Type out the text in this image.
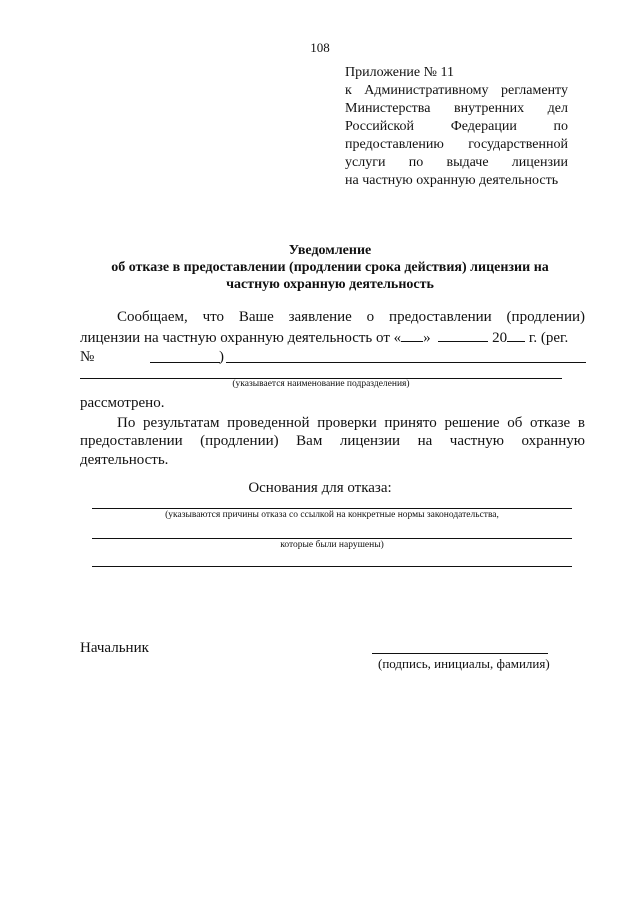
108
Приложение № 11
к Административному регламенту
Министерства внутренних дел
Российской Федерации по
предоставлению государственной
услуги по выдаче лицензии
на частную охранную деятельность
Уведомление
об отказе в предоставлении (продлении срока действия) лицензии на
частную охранную деятельность
Сообщаем, что Ваше заявление о предоставлении (продлении)
лицензии на частную охранную деятельность от « »	20 г. (рег.
№	)
(указывается наименование подразделения)
рассмотрено.
По результатам проведенной проверки принято решение об отказе в
предоставлении (продлении) Вам лицензии на частную охранную
деятельность.
Основания для отказа:
(указываются причины отказа со ссылкой на конкретные нормы законодательства,
которые были нарушены)
Начальник
(подпись, инициалы, фамилия)
